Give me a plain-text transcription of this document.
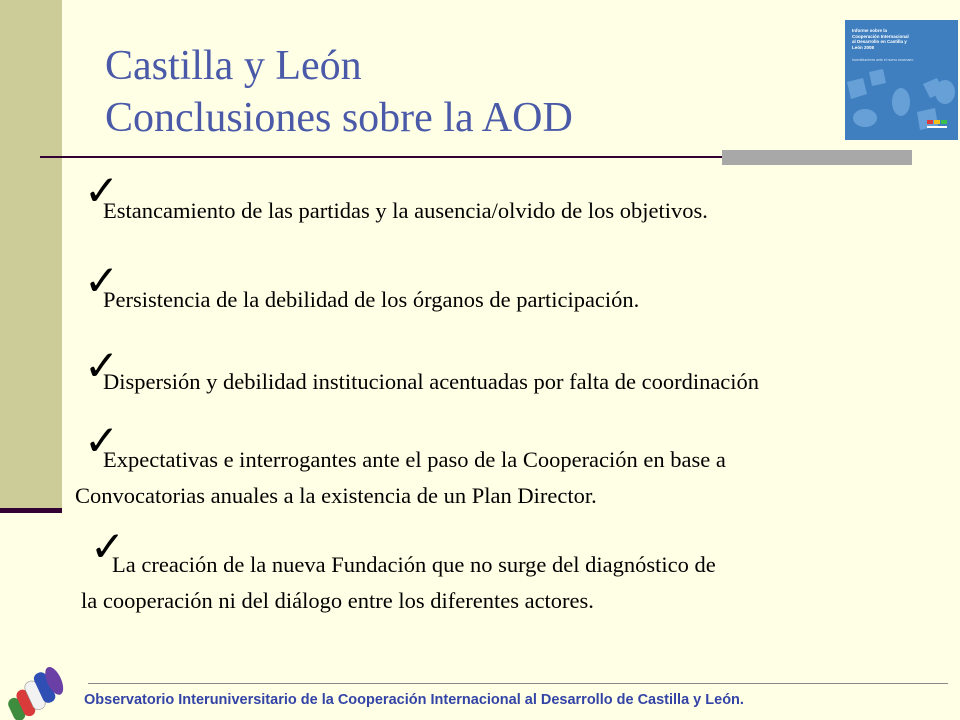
Castilla y León
Conclusiones sobre la AOD
Informe sobre la Cooperación Internacional al Desarrollo en Castilla y León 2008
Incertidumbres ante el nuevo escenario
✓
Estancamiento de las partidas y la ausencia/olvido de los objetivos.
✓
Persistencia de la debilidad de los órganos de participación.
✓
Dispersión y debilidad institucional acentuadas por falta de coordinación
✓
Expectativas e interrogantes ante el paso de la Cooperación en base a
Convocatorias anuales a la existencia de un Plan Director.
✓
La creación de la nueva Fundación que no surge del diagnóstico de
la cooperación ni del diálogo entre los diferentes actores.

Observatorio Interuniversitario de la Cooperación Internacional al Desarrollo de Castilla y León.
